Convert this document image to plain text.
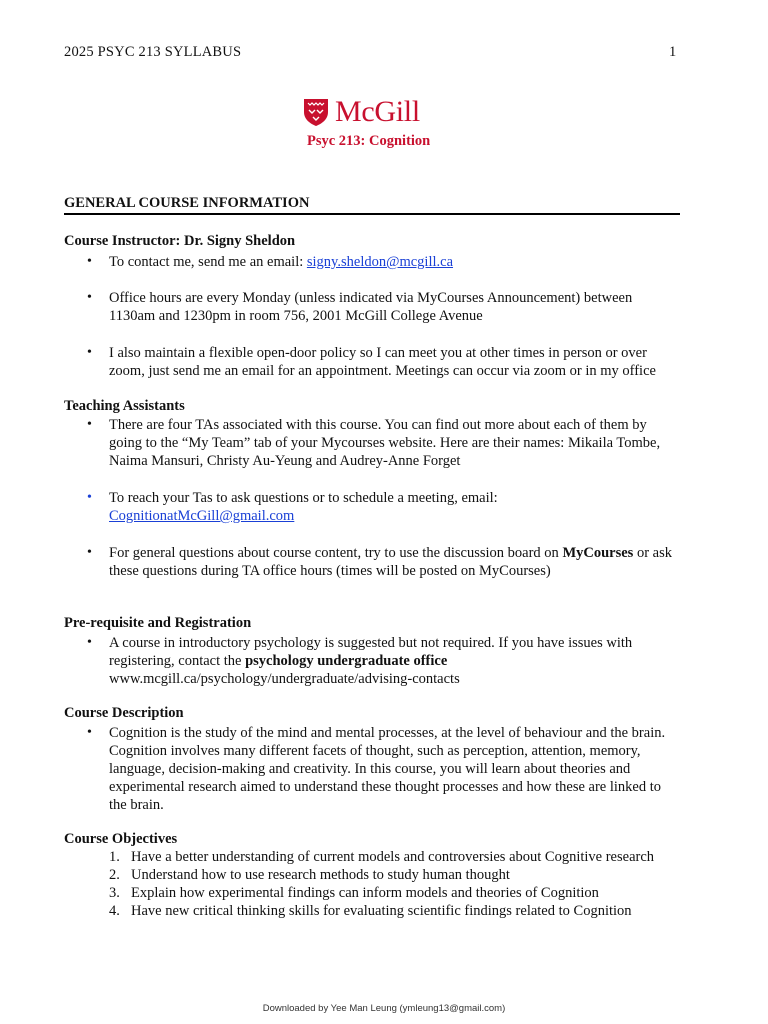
2025 PSYC 213 SYLLABUS	1
McGill
Psyc 213: Cognition
GENERAL COURSE INFORMATION
Course Instructor: Dr. Signy Sheldon
• To contact me, send me an email: signy.sheldon@mcgill.ca
• Office hours are every Monday (unless indicated via MyCourses Announcement) between 1130am and 1230pm in room 756, 2001 McGill College Avenue
• I also maintain a flexible open-door policy so I can meet you at other times in person or over zoom, just send me an email for an appointment. Meetings can occur via zoom or in my office
Teaching Assistants
• There are four TAs associated with this course. You can find out more about each of them by going to the “My Team” tab of your Mycourses website. Here are their names: Mikaila Tombe, Naima Mansuri, Christy Au-Yeung and Audrey-Anne Forget
• To reach your Tas to ask questions or to schedule a meeting, email: CognitionatMcGill@gmail.com
• For general questions about course content, try to use the discussion board on MyCourses or ask these questions during TA office hours (times will be posted on MyCourses)
Pre-requisite and Registration
• A course in introductory psychology is suggested but not required. If you have issues with registering, contact the psychology undergraduate office
www.mcgill.ca/psychology/undergraduate/advising-contacts
Course Description
• Cognition is the study of the mind and mental processes, at the level of behaviour and the brain. Cognition involves many different facets of thought, such as perception, attention, memory, language, decision-making and creativity. In this course, you will learn about theories and experimental research aimed to understand these thought processes and how these are linked to the brain.
Course Objectives
1. Have a better understanding of current models and controversies about Cognitive research
2. Understand how to use research methods to study human thought
3. Explain how experimental findings can inform models and theories of Cognition
4. Have new critical thinking skills for evaluating scientific findings related to Cognition
Downloaded by Yee Man Leung (ymleung13@gmail.com)
